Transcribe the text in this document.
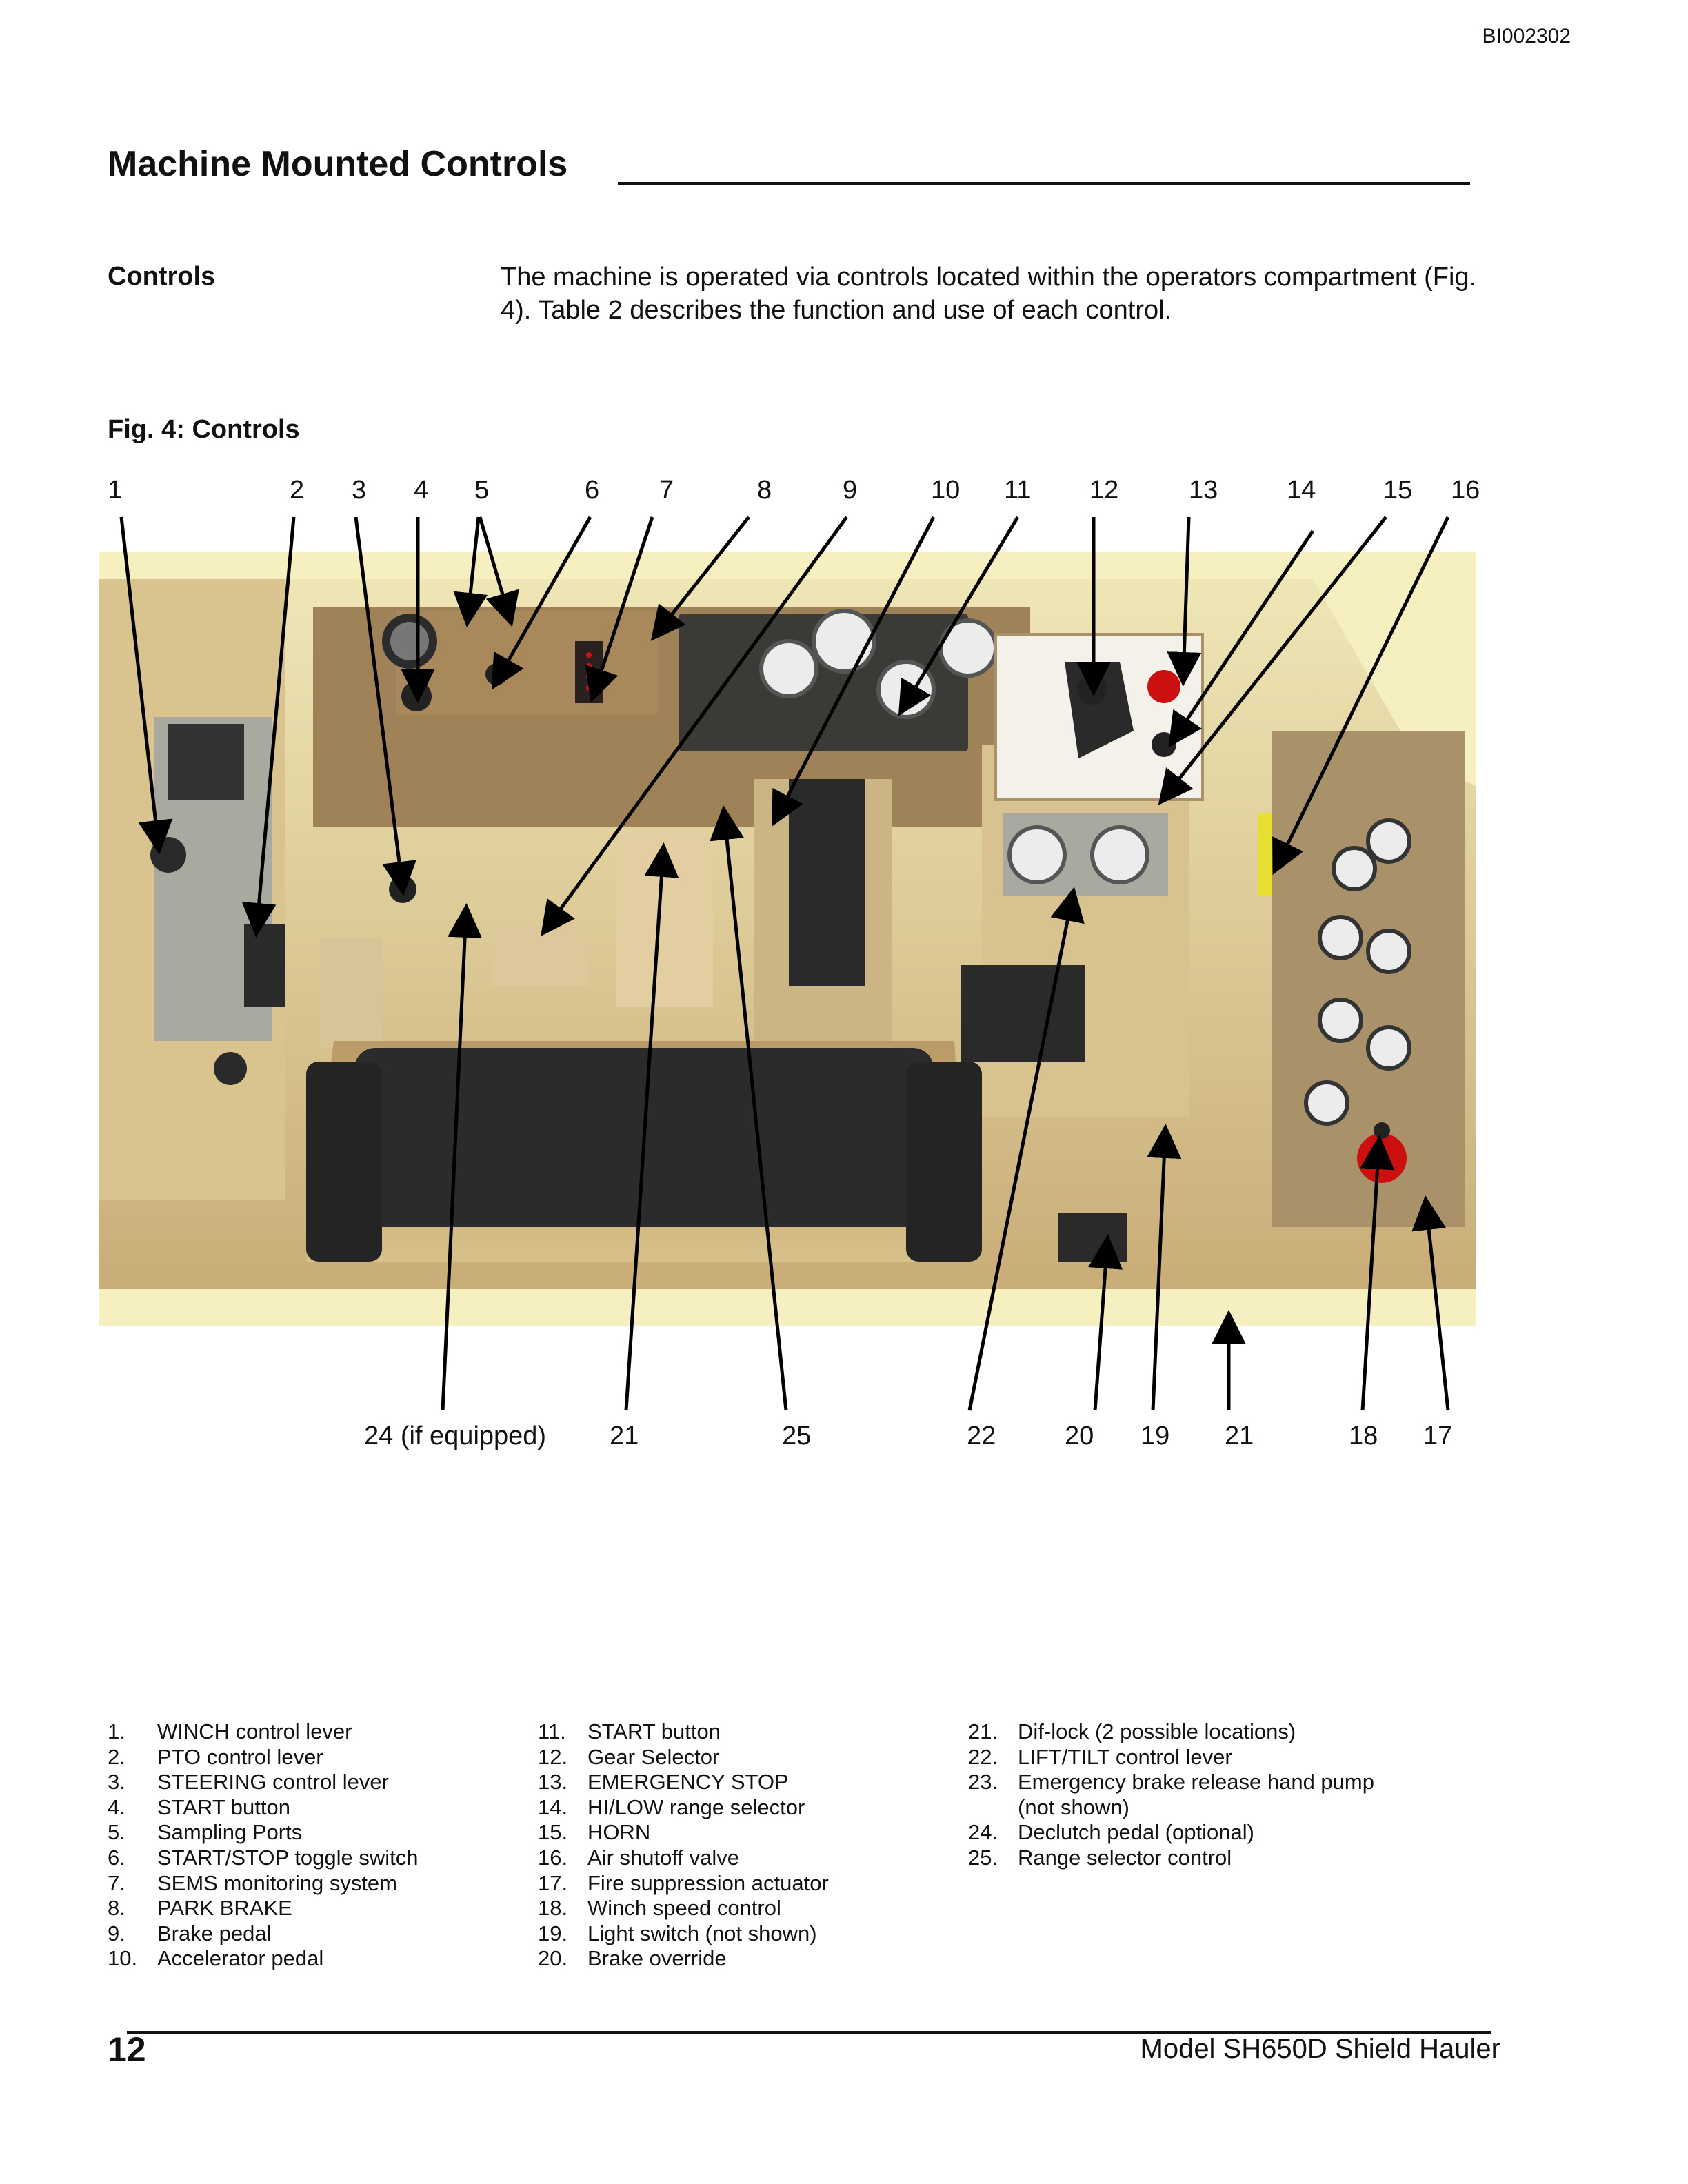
BI002302
Machine Mounted Controls
Controls	The machine is operated via controls located within the operators compartment (Fig. 4). Table 2 describes the function and use of each control.
Fig. 4: Controls
1	2 3 4 5	6 7	8	9	10 11 12	13	14	15 16
24 (if equipped) 21	25	22	20 19 21	18 17
1.	WINCH control lever
2.	PTO control lever
3.	STEERING control lever
4.	START button
5.	Sampling Ports
6.	START/STOP toggle switch
7.	SEMS monitoring system
8.	PARK BRAKE
9.	Brake pedal
10. Accelerator pedal
11.	START button
12. Gear Selector
13. EMERGENCY STOP
14. HI/LOW range selector
15. HORN
16. Air shutoff valve
17. Fire suppression actuator
18. Winch speed control
19. Light switch (not shown)
20. Brake override
21. Dif-lock (2 possible locations)
22. LIFT/TILT control lever
23. Emergency brake release hand pump
(not shown)
24. Declutch pedal (optional)
25. Range selector control
12	Model SH650D Shield Hauler
